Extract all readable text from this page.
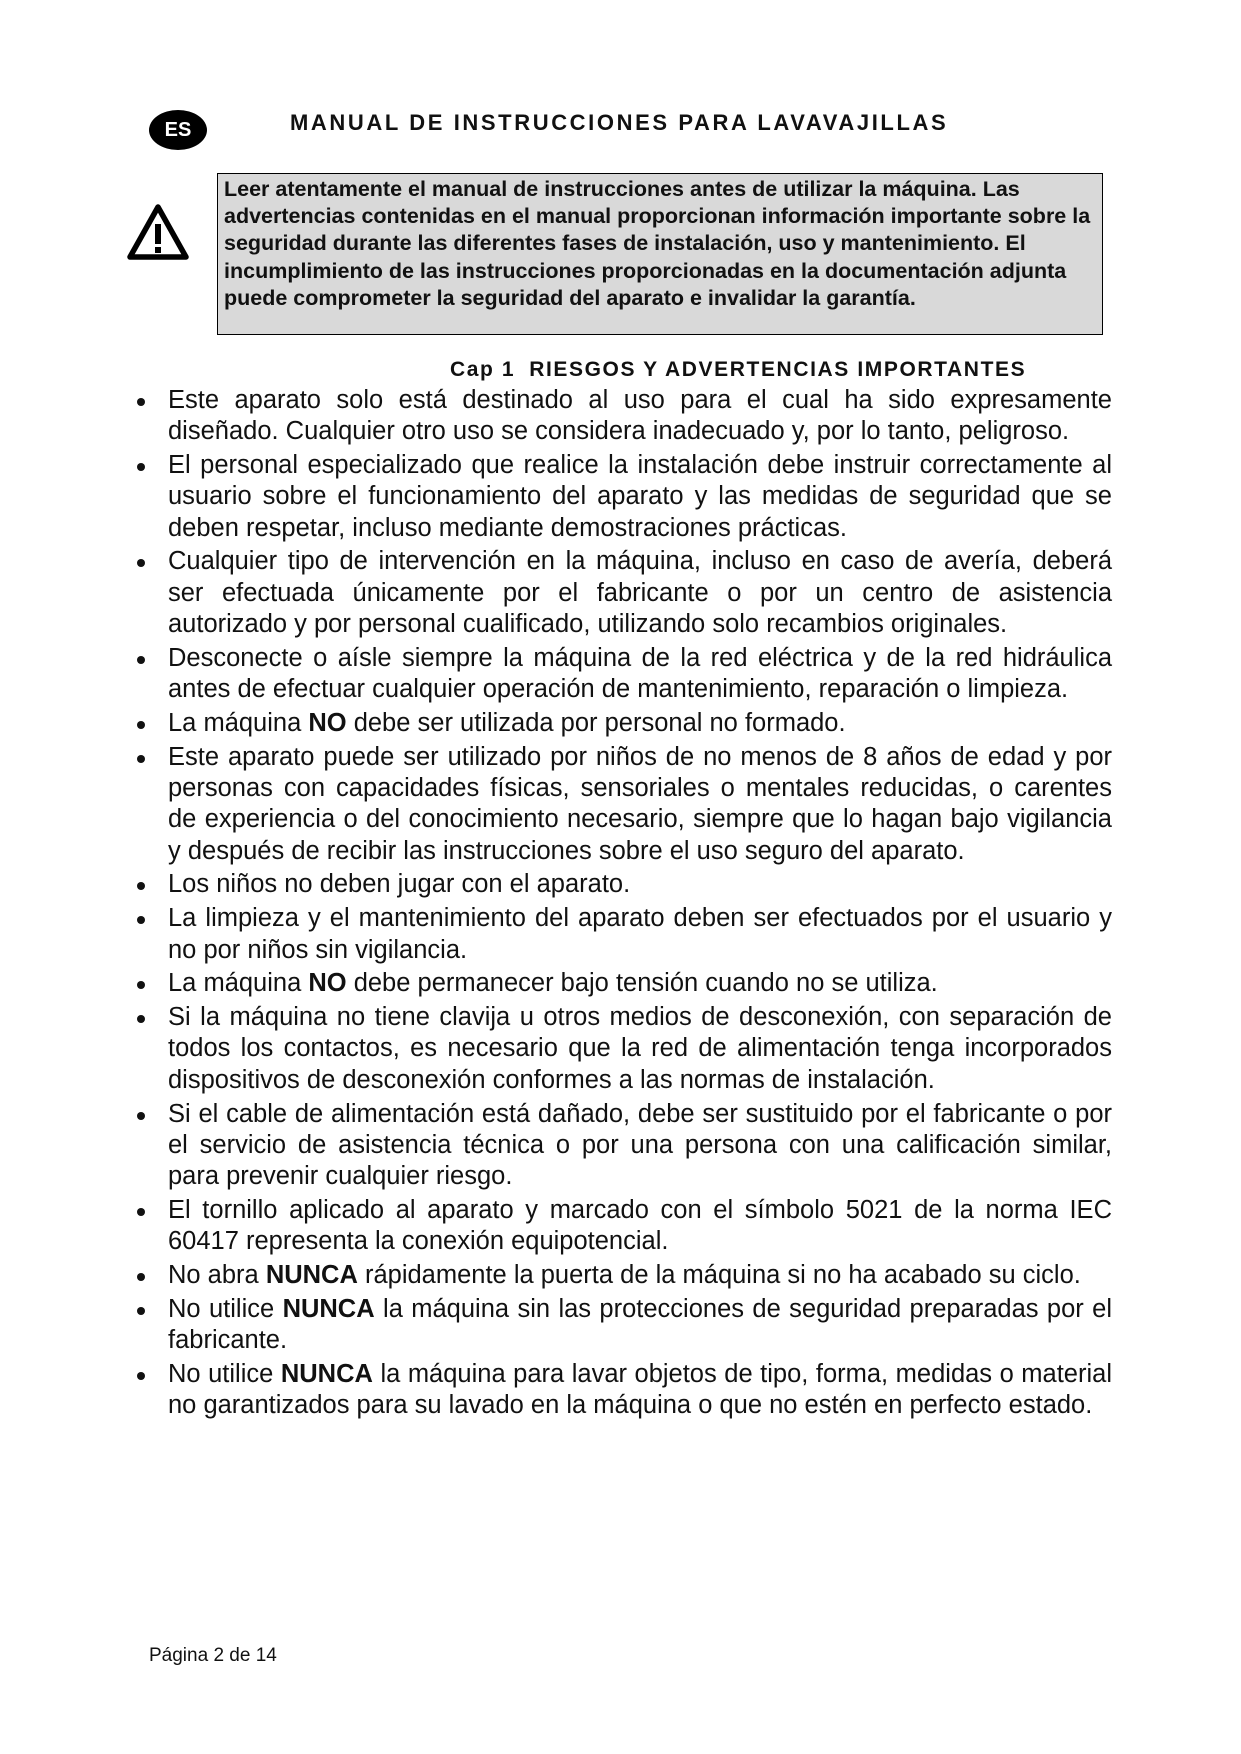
ES	MANUAL DE INSTRUCCIONES PARA LAVAVAJILLAS
Leer atentamente el manual de instrucciones antes de utilizar la máquina. Las advertencias contenidas en el manual proporcionan información importante sobre la seguridad durante las diferentes fases de instalación, uso y mantenimiento. El incumplimiento de las instrucciones proporcionadas en la documentación adjunta puede comprometer la seguridad del aparato e invalidar la garantía.
Cap 1 RIESGOS Y ADVERTENCIAS IMPORTANTES
Este aparato solo está destinado al uso para el cual ha sido expresamente diseñado. Cualquier otro uso se considera inadecuado y, por lo tanto, peligroso.
El personal especializado que realice la instalación debe instruir correctamente al usuario sobre el funcionamiento del aparato y las medidas de seguridad que se deben respetar, incluso mediante demostraciones prácticas.
Cualquier tipo de intervención en la máquina, incluso en caso de avería, deberá ser efectuada únicamente por el fabricante o por un centro de asistencia autorizado y por personal cualificado, utilizando solo recambios originales.
Desconecte o aísle siempre la máquina de la red eléctrica y de la red hidráulica antes de efectuar cualquier operación de mantenimiento, reparación o limpieza.
La máquina NO debe ser utilizada por personal no formado.
Este aparato puede ser utilizado por niños de no menos de 8 años de edad y por personas con capacidades físicas, sensoriales o mentales reducidas, o carentes de experiencia o del conocimiento necesario, siempre que lo hagan bajo vigilancia y después de recibir las instrucciones sobre el uso seguro del aparato.
Los niños no deben jugar con el aparato.
La limpieza y el mantenimiento del aparato deben ser efectuados por el usuario y no por niños sin vigilancia.
La máquina NO debe permanecer bajo tensión cuando no se utiliza.
Si la máquina no tiene clavija u otros medios de desconexión, con separación de todos los contactos, es necesario que la red de alimentación tenga incorporados dispositivos de desconexión conformes a las normas de instalación.
Si el cable de alimentación está dañado, debe ser sustituido por el fabricante o por el servicio de asistencia técnica o por una persona con una calificación similar, para prevenir cualquier riesgo.
El tornillo aplicado al aparato y marcado con el símbolo 5021 de la norma IEC 60417 representa la conexión equipotencial.
No abra NUNCA rápidamente la puerta de la máquina si no ha acabado su ciclo.
No utilice NUNCA la máquina sin las protecciones de seguridad preparadas por el fabricante.
No utilice NUNCA la máquina para lavar objetos de tipo, forma, medidas o material no garantizados para su lavado en la máquina o que no estén en perfecto estado.
Página 2 de 14
